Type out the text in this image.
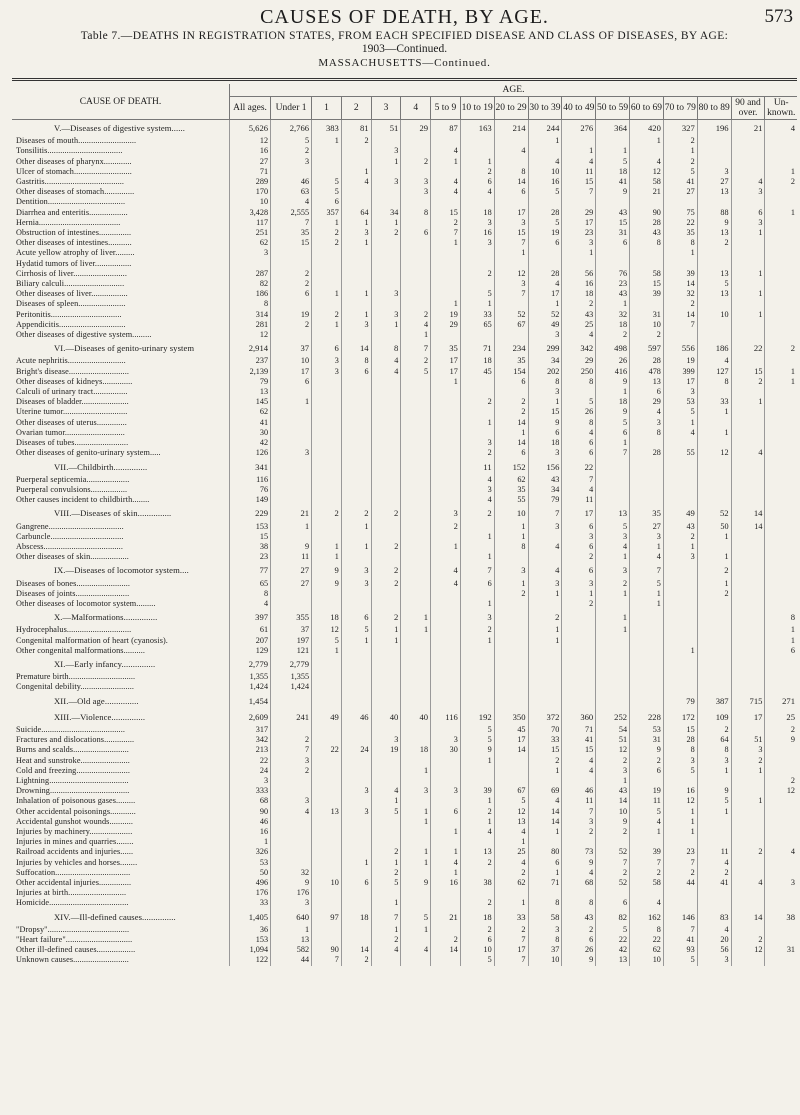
CAUSES OF DEATH, BY AGE.	573
Table 7.—DEATHS IN REGISTRATION STATES, FROM EACH SPECIFIED DISEASE AND CLASS OF DISEASES, BY AGE:
1903—Continued.
MASSACHUSETTS—Continued.
CAUSE OF DEATH.	AGE.																
	All ages.	Under 1	1	2	3	4	5 to 9	10 to 19	20 to 29	30 to 39	40 to 49	50 to 59	60 to 69	70 to 79	80 to 89	90 and over.	Un-known.
V.—Diseases of digestive system......	5,626	2,766	383	81	51	29	87	163	214	244	276	364	420	327	196	21	4
Diseases of mouth...........................	12	5	1	2						1			1	2			
Tonsilitis...................................	16	2			3		4		4		1	1		1			
Other diseases of pharynx.............	27	3			1	2	1	1		4	4	5	4	2			
Ulcer of stomach...........................	71			1				2	8	10	11	18	12	5	3		1
Gastritis.....................................	289	46	5	4	3	3	4	6	14	16	15	41	58	41	27	4	2
Other diseases of stomach..............	170	63	5			3	4	4	6	5	7	9	21	27	13	3	
Dentition....................................	10	4	6														
Diarrhea and enteritis..................	3,428	2,555	357	64	34	8	15	18	17	28	29	43	90	75	88	6	1
Hernia......................................	117	7	1	1	1		2	3	3	5	17	15	28	22	9	3	
Obstruction of intestines...............	251	35	2	3	2	6	7	16	15	19	23	31	43	35	13	1	
Other diseases of intestines...........	62	15	2	1			1	3	7	6	3	6	8	8	2		
Acute yellow atrophy of liver.........	3								1		1			1			
Hydatid tumors of liver.................																	
Cirrhosis of liver.........................	287	2						2	12	28	56	76	58	39	13	1	
Biliary calculi............................	82	2							3	4	16	23	15	14	5		
Other diseases of liver.................	186	6	1	1	3			5	7	17	18	43	39	32	13	1	
Diseases of spleen......................	8						1	1		1	2	1		2			
Peritonitis.................................	314	19	2	1	3	2	19	33	52	52	43	32	31	14	10	1	
Appendicitis...............................	281	2	1	3	1	4	29	65	67	49	25	18	10	7			
Other diseases of digestive system.........	12					1				3	4	2	2				
VI.—Diseases of genito-urinary system	2,914	37	6	14	8	7	35	71	234	299	342	498	597	556	186	22	2
Acute nephritis...........................	237	10	3	8	4	2	17	18	35	34	29	26	28	19	4		
Bright's disease............................	2,139	17	3	6	4	5	17	45	154	202	250	416	478	399	127	15	1
Other diseases of kidneys..............	79	6					1		6	8	8	9	13	17	8	2	1
Calculi of urinary tract................	13									3		1	6	3			
Diseases of bladder......................	145	1						2	2	1	5	18	29	53	33	1	
Uterine tumor..............................	62								2	15	26	9	4	5	1		
Other diseases of uterus..............	41							1	14	9	8	5	3	1			
Ovarian tumor............................	30								1	6	4	6	8	4	1		
Diseases of tubes.........................	42							3	14	18	6	1					
Other diseases of genito-urinary system.....	126	3						2	6	3	6	7	28	55	12	4	
VII.—Childbirth...............	341							11	152	156	22						
Puerperal septicemia....................	116							4	62	43	7						
Puerperal convulsions.................	76							3	35	34	4						
Other causes incident to childbirth........	149							4	55	79	11						
VIII.—Diseases of skin...............	229	21	2	2	2		3	2	10	7	17	13	35	49	52	14	
Gangrene...................................	153	1		1			2		1	3	6	5	27	43	50	14	
Carbuncle..................................	15							1	1		3	3	3	2	1		
Abscess.....................................	38	9	1	1	2		1		8	4	6	4	1	1			
Other diseases of skin..................	23	11	1					1			2	1	4	3	1		
IX.—Diseases of locomotor system....	77	27	9	3	2		4	7	3	4	6	3	7		2		
Diseases of bones.........................	65	27	9	3	2		4	6	1	3	3	2	5		1		
Diseases of joints.........................	8								2	1	1	1	1		2		
Other diseases of locomotor system.........	4							1			2		1				
X.—Malformations...............	397	355	18	6	2	1		3		2		1					8
Hydrocephalus..............................	61	37	12	5	1	1		2		1		1					1
Congenital malformation of heart (cyanosis).	207	197	5	1	1			1		1							1
Other congenital malformations..........	129	121	1											1			6
XI.—Early infancy...............	2,779	2,779															
Premature birth...............................	1,355	1,355															
Congenital debility.........................	1,424	1,424															
XII.—Old age...............	1,454													79	387	715	271
XIII.—Violence...............	2,609	241	49	46	40	40	116	192	350	372	360	252	228	172	109	17	25
Suicide.......................................	317							5	45	70	71	54	53	15	2		2
Fractures and dislocations..............	342	2			3		3	5	17	33	41	51	31	28	64	51	9
Burns and scalds..........................	213	7	22	24	19	18	30	9	14	15	15	12	9	8	8	3	
Heat and sunstroke.......................	22	3						1		2	4	2	2	3	3	2	
Cold and freezing.........................	24	2				1				1	4	3	6	5	1	1	
Lightning.....................................	3											1					2
Drowning.....................................	333			3	4	3	3	39	67	69	46	43	19	16	9		12
Inhalation of poisonous gases.........	68	3			1			1	5	4	11	14	11	12	5	1	
Other accidental poisonings............	90	4	13	3	5	1	6	2	12	14	7	10	5	1	1		
Accidental gunshot wounds...........	46					1		1	13	14	3	9	4	1			
Injuries by machinery....................	16						1	4	4	1	2	2	1	1			
Injuries in mines and quarries........	1								1								
Railroad accidents and injuries......	326				2	1	1	13	25	80	73	52	39	23	11	2	4
Injuries by vehicles and horses........	53			1	1	1	4	2	4	6	9	7	7	7	4		
Suffocation...................................	50	32			2		1		2	1	4	2	2	2	2		
Other accidental injuries...............	496	9	10	6	5	9	16	38	62	71	68	52	58	44	41	4	3
Injuries at birth...........................	176	176															
Homicide.....................................	33	3			1			2	1	8	8	6	4				
XIV.—Ill-defined causes...............	1,405	640	97	18	7	5	21	18	33	58	43	82	162	146	83	14	38
"Dropsy"......................................	36	1			1	1		2	2	3	2	5	8	7	4		
"Heart failure"...............................	153	13			2		2	6	7	8	6	22	22	41	20	2	
Other ill-defined causes..................	1,094	582	90	14	4	4	14	10	17	37	26	42	62	93	56	12	31
Unknown causes..........................	122	44	7	2				5	7	10	9	13	10	5	3		
